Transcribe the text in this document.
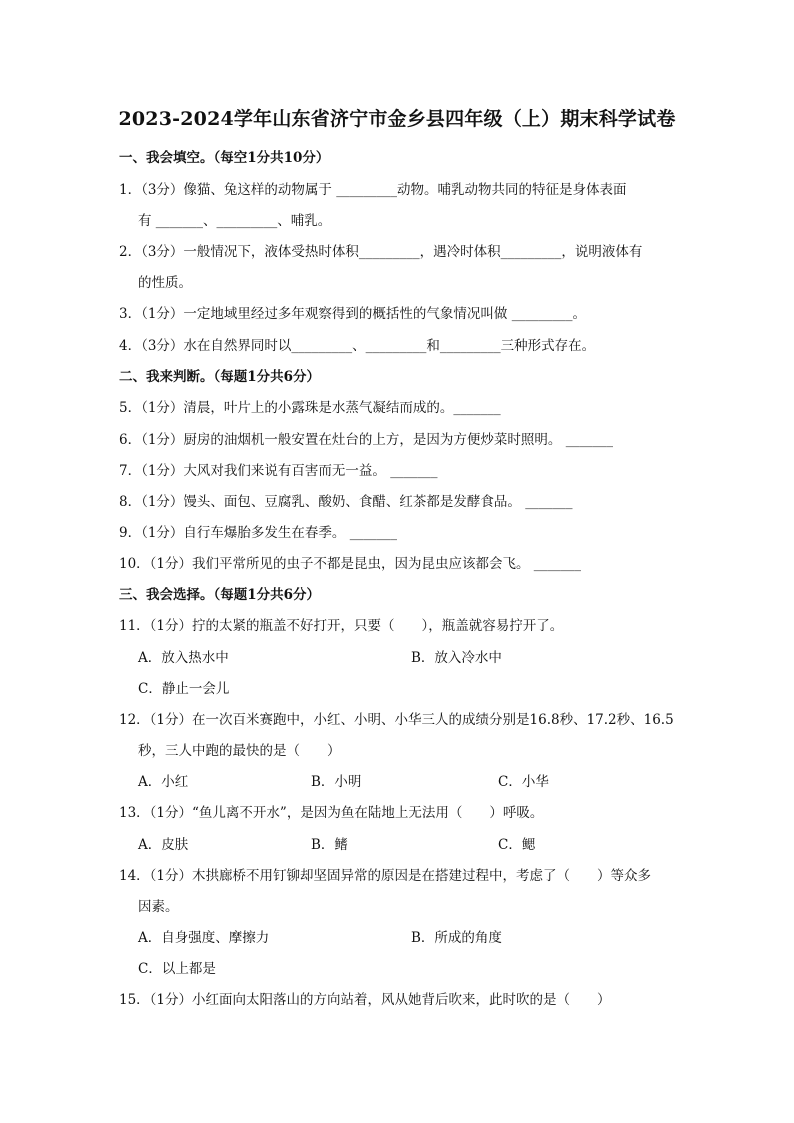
2023-2024学年山东省济宁市金乡县四年级（上）期末科学试卷
一、我会填空。（每空1分共10分）
1．（3分）像猫、兔这样的动物属于 _________动物。哺乳动物共同的特征是身体表面
有 _______、_________、哺乳。
2．（3分）一般情况下，液体受热时体积_________，遇冷时体积_________，说明液体有
的性质。
3．（1分）一定地域里经过多年观察得到的概括性的气象情况叫做 _________。
4．（3分）水在自然界同时以_________、_________和_________三种形式存在。
二、我来判断。（每题1分共6分）
5．（1分）清晨，叶片上的小露珠是水蒸气凝结而成的。_______
6．（1分）厨房的油烟机一般安置在灶台的上方，是因为方便炒菜时照明。 _______
7．（1分）大风对我们来说有百害而无一益。 _______
8．（1分）馒头、面包、豆腐乳、酸奶、食醋、红茶都是发酵食品。 _______
9．（1分）自行车爆胎多发生在春季。 _______
10．（1分）我们平常所见的虫子不都是昆虫，因为昆虫应该都会飞。 _______
三、我会选择。（每题1分共6分）
11．（1分）拧的太紧的瓶盖不好打开，只要（　　），瓶盖就容易拧开了。
A．放入热水中	B．放入冷水中
C．静止一会儿
12．（1分）在一次百米赛跑中，小红、小明、小华三人的成绩分别是16.8秒、17.2秒、16.5
秒，三人中跑的最快的是（　　）
A．小红	B．小明	C．小华
13．（1分）“鱼儿离不开水”，是因为鱼在陆地上无法用（　　）呼吸。
A．皮肤	B．鳍	C．鳃
14．（1分）木拱廊桥不用钉铆却坚固异常的原因是在搭建过程中，考虑了（　　）等众多
因素。
A．自身强度、摩擦力	B．所成的角度
C．以上都是
15．（1分）小红面向太阳落山的方向站着，风从她背后吹来，此时吹的是（　　）
